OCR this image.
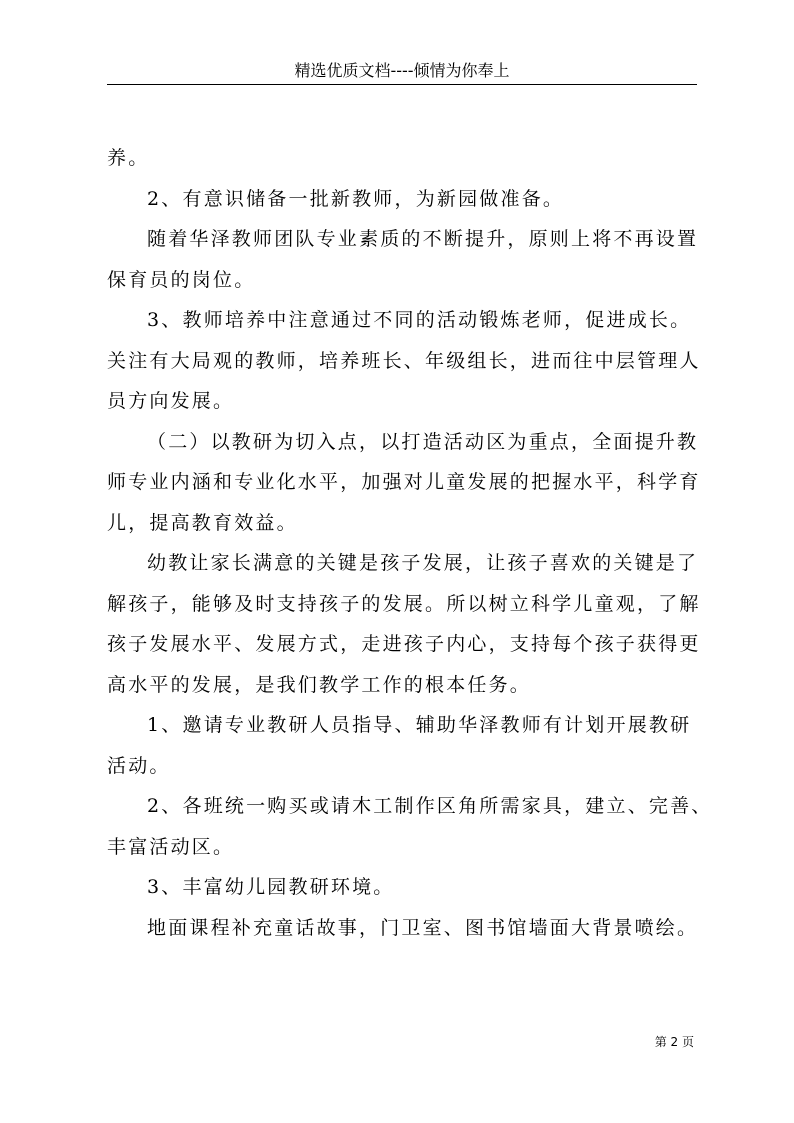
精选优质文档----倾情为你奉上

养。

2、有意识储备一批新教师，为新园做准备。

随着华泽教师团队专业素质的不断提升，原则上将不再设置

保育员的岗位。

3、教师培养中注意通过不同的活动锻炼老师，促进成长。

关注有大局观的教师，培养班长、年级组长，进而往中层管理人

员方向发展。

（二）以教研为切入点，以打造活动区为重点，全面提升教

师专业内涵和专业化水平，加强对儿童发展的把握水平，科学育

儿，提高教育效益。

幼教让家长满意的关键是孩子发展，让孩子喜欢的关键是了

解孩子，能够及时支持孩子的发展。所以树立科学儿童观，了解

孩子发展水平、发展方式，走进孩子内心，支持每个孩子获得更

高水平的发展，是我们教学工作的根本任务。

1、邀请专业教研人员指导、辅助华泽教师有计划开展教研

活动。

2、各班统一购买或请木工制作区角所需家具，建立、完善、

丰富活动区。

3、丰富幼儿园教研环境。

地面课程补充童话故事，门卫室、图书馆墙面大背景喷绘。

第 2 页
